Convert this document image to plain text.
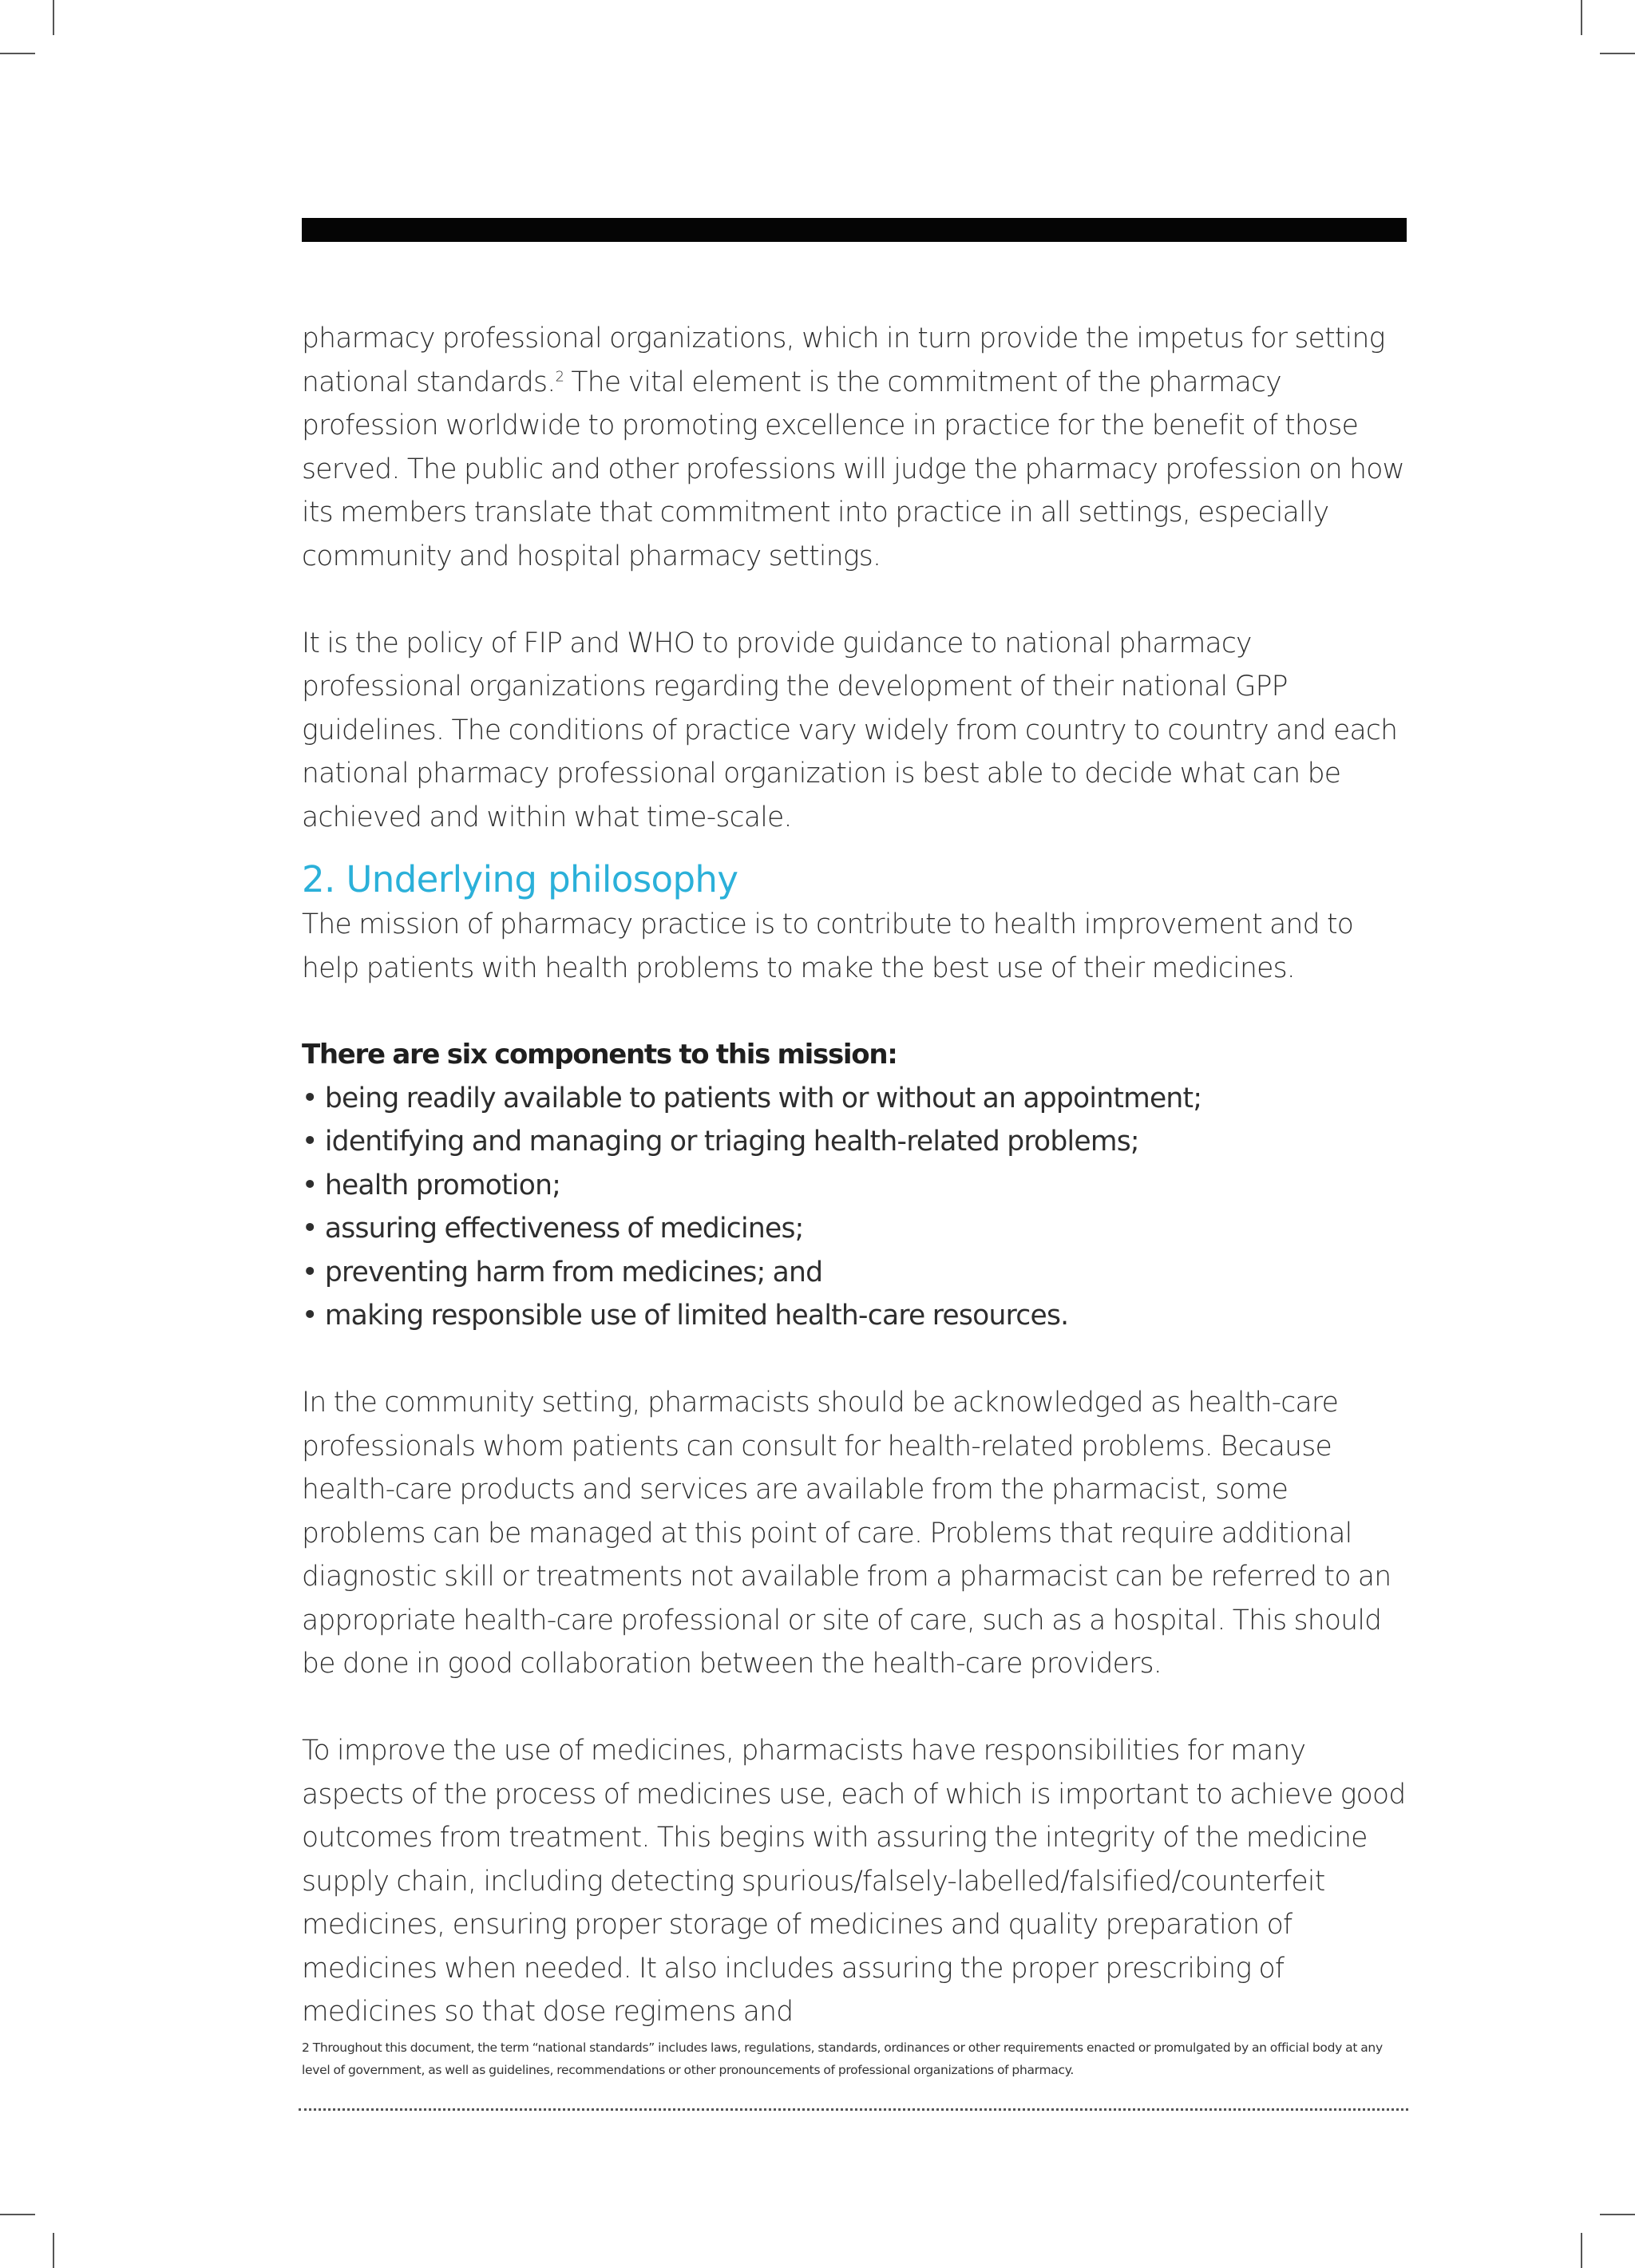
pharmacy professional organizations, which in turn provide the impetus for setting national standards.$^2$ The vital element is the commitment of the pharmacy profession worldwide to promoting excellence in practice for the benefit of those served. The public and other professions will judge the pharmacy profession on how its members translate that commitment into practice in all settings, especially community and hospital pharmacy settings.

It is the policy of FIP and WHO to provide guidance to national pharmacy professional organizations regarding the development of their national GPP guidelines. The conditions of practice vary widely from country to country and each national pharmacy professional organization is best able to decide what can be achieved and within what time-scale.

2. Underlying philosophy

The mission of pharmacy practice is to contribute to health improvement and to help patients with health problems to make the best use of their medicines.

There are six components to this mission:

• being readily available to patients with or without an appointment;
• identifying and managing or triaging health-related problems;
• health promotion;
• assuring effectiveness of medicines;
• preventing harm from medicines; and
• making responsible use of limited health-care resources.

In the community setting, pharmacists should be acknowledged as health-care professionals whom patients can consult for health-related problems. Because health-care products and services are available from the pharmacist, some problems can be managed at this point of care. Problems that require additional diagnostic skill or treatments not available from a pharmacist can be referred to an appropriate health-care professional or site of care, such as a hospital. This should be done in good collaboration between the health-care providers.

To improve the use of medicines, pharmacists have responsibilities for many aspects of the process of medicines use, each of which is important to achieve good outcomes from treatment. This begins with assuring the integrity of the medicine supply chain, including detecting spurious/falsely-labelled/falsified/counterfeit medicines, ensuring proper storage of medicines and quality preparation of medicines when needed. It also includes assuring the proper prescribing of medicines so that dose regimens and

2 Throughout this document, the term “national standards” includes laws, regulations, standards, ordinances or other requirements enacted or promulgated by an official body at any level of government, as well as guidelines, recommendations or other pronouncements of professional organizations of pharmacy.
